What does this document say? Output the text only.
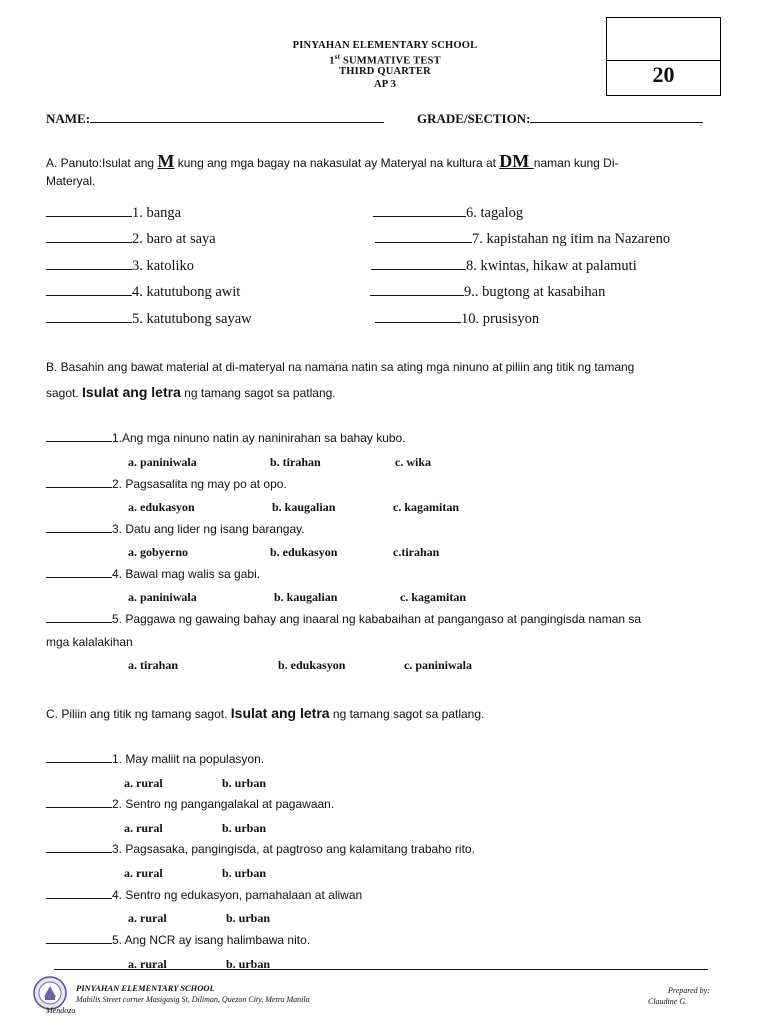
PINYAHAN ELEMENTARY SCHOOL
1st SUMMATIVE TEST
THIRD QUARTER
AP 3	20
NAME:	GRADE/SECTION:
A. Panuto:Isulat ang M kung ang mga bagay na nakasulat ay Materyal na kultura at DM naman kung Di-
Materyal.
1. banga
2. baro at saya
3. katoliko
4. katutubong awit
5. katutubong sayaw
6. tagalog
7. kapistahan ng itim na Nazareno
8. kwintas, hikaw at palamuti
9.. bugtong at kasabihan
10. prusisyon
B. Basahin ang bawat material at di-materyal na namana natin sa ating mga ninuno at piliin ang titik ng tamang
sagot. Isulat ang letra ng tamang sagot sa patlang.
1.Ang mga ninuno natin ay naninirahan sa bahay kubo.
a. paniniwala	b. tirahan	c. wika
2. Pagsasalita ng may po at opo.
a. edukasyon	b. kaugalian	c. kagamitan
3. Datu ang lider ng isang barangay.
a. gobyerno	b. edukasyon	c.tirahan
4. Bawal mag walis sa gabi.
a. paniniwala	b. kaugalian	c. kagamitan
5. Paggawa ng gawaing bahay ang inaaral ng kababaihan at pangangaso at pangingisda naman sa
mga kalalakihan
a. tirahan	b. edukasyon	c. paniniwala
C. Piliin ang titik ng tamang sagot. Isulat ang letra ng tamang sagot sa patlang.
1. May maliit na populasyon.
a. rural	b. urban
2. Sentro ng pangangalakal at pagawaan.
a. rural	b. urban
3. Pagsasaka, pangingisda, at pagtroso ang kalamitang trabaho rito.
a. rural	b. urban
4. Sentro ng edukasyon, pamahalaan at aliwan
a. rural	b. urban
5. Ang NCR ay isang halimbawa nito.
a. rural	b. urban
PINYAHAN ELEMENTARY SCHOOL
Mabilis Street corner Masigasig St, Diliman, Quezon City, Metro Manila
Mendoza
Prepared by:
Claudine G.
